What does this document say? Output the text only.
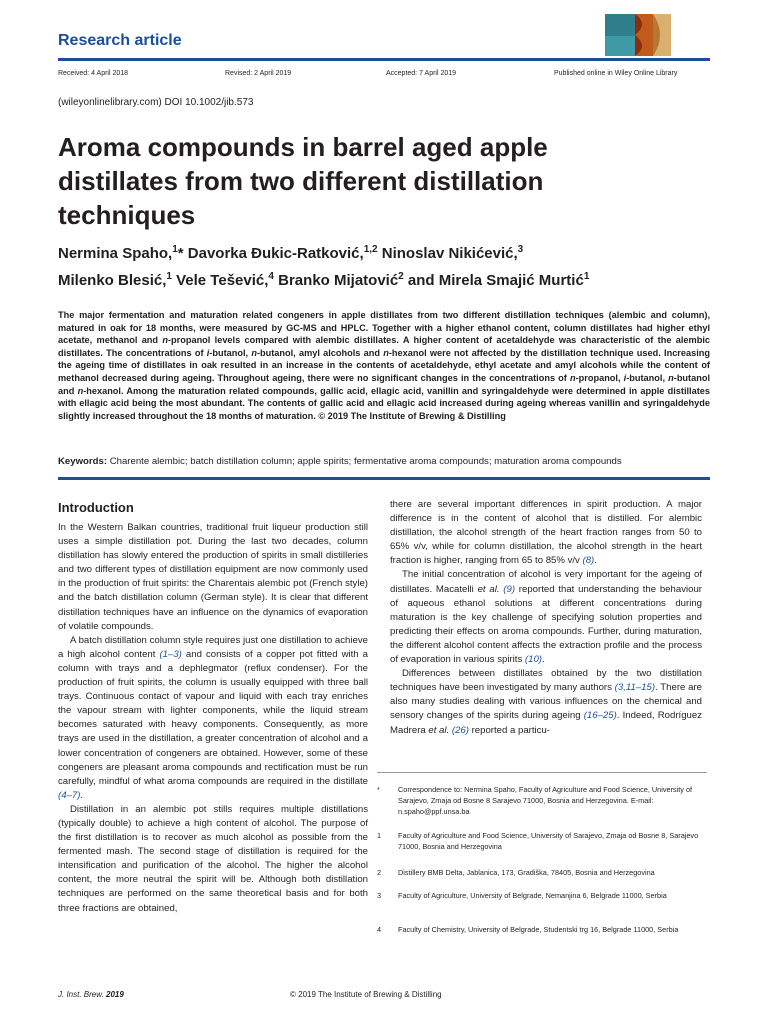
Research article
Received: 4 April 2018	Revised: 2 April 2019	Accepted: 7 April 2019	Published online in Wiley Online Library
(wileyonlinelibrary.com) DOI 10.1002/jib.573
Aroma compounds in barrel aged apple distillates from two different distillation techniques
Nermina Spaho,$^1$* Davorka Đukic-Ratković,$^{1,2}$ Ninoslav Nikićević,$^3$
Milenko Blesić,$^1$ Vele Tešević,$^4$ Branko Mijatović$^2$ and Mirela Smajić Murtić$^1$
The major fermentation and maturation related congeners in apple distillates from two different distillation techniques (alembic and column), matured in oak for 18 months, were measured by GC-MS and HPLC. Together with a higher ethanol content, column distillates had higher ethyl acetate, methanol and n-propanol levels compared with alembic distillates. A higher content of acetaldehyde was characteristic of the alembic distillates. The concentrations of i-butanol, n-butanol, amyl alcohols and n-hexanol were not affected by the distillation technique used. Increasing the ageing time of distillates in oak resulted in an increase in the contents of acetaldehyde, ethyl acetate and amyl alcohols while the content of methanol decreased during ageing. Throughout ageing, there were no significant changes in the concentrations of n-propanol, i-butanol, n-butanol and n-hexanol. Among the maturation related compounds, gallic acid, ellagic acid, vanillin and syringaldehyde were determined in apple distillates with ellagic acid being the most abundant. The contents of gallic acid and ellagic acid increased during ageing whereas vanillin and syringaldehyde slightly increased throughout the 18 months of maturation. © 2019 The Institute of Brewing & Distilling
Keywords: Charente alembic; batch distillation column; apple spirits; fermentative aroma compounds; maturation aroma compounds
Introduction

In the Western Balkan countries, traditional fruit liqueur production still uses a simple distillation pot. During the last two decades, column distillation has slowly entered the production of spirits in small distilleries and two different types of distillation equipment are now commonly used in the production of fruit spirits: the Charentais alembic pot (French style) and the batch distillation column (German style). It is clear that different distillation techniques have an influence on the dynamics of evaporation of volatile compounds.

A batch distillation column style requires just one distillation to achieve a high alcohol content (1–3) and consists of a copper pot fitted with a column with trays and a dephlegmator (reflux condenser). For the production of fruit spirits, the column is usually equipped with three ball trays. Continuous contact of vapour and liquid with each tray enriches the vapour stream with lighter components, while the liquid stream becomes saturated with heavy components. Consequently, as more trays are used in the distillation, a greater concentration of alcohol and a lower concentration of congeners are obtained. However, some of these congeners are pleasant aroma compounds and rectification must be run carefully, mindful of what aroma compounds are required in the distillate (4–7).

Distillation in an alembic pot stills requires multiple distillations (typically double) to achieve a high content of alcohol. The purpose of the first distillation is to recover as much alcohol as possible from the fermented mash. The second stage of distillation is required for the intensification and purification of the alcohol. The higher the alcohol content, the more neutral the spirit will be. Although both distillation techniques are performed on the same theoretical basis and for both three fractions are obtained,

there are several important differences in spirit production. A major difference is in the content of alcohol that is distilled. For alembic distillation, the alcohol strength of the heart fraction ranges from 50 to 65% v/v, while for column distillation, the alcohol strength in the heart fraction is higher, ranging from 65 to 85% v/v (8).

The initial concentration of alcohol is very important for the ageing of distillates. Macatelli et al. (9) reported that understanding the behaviour of aqueous ethanol solutions at different concentrations during maturation is the key challenge of specifying solution properties and predicting their effects on aroma compounds. Further, during maturation, the different alcohol content affects the extraction profile and the process of evaporation in various spirits (10).

Differences between distillates obtained by the two distillation techniques have been investigated by many authors (3,11–15). There are also many studies dealing with various influences on the chemical and sensory changes of the spirits during ageing (16–25). Indeed, Rodríguez Madrera et al. (26) reported a particu-

* Correspondence to: Nermina Spaho, Faculty of Agriculture and Food Science, University of Sarajevo, Zmaja od Bosne 8 Sarajevo 71000, Bosnia and Herzegovina. E-mail: n.spaho@ppf.unsa.ba
1 Faculty of Agriculture and Food Science, University of Sarajevo, Zmaja od Bosne 8, Sarajevo 71000, Bosnia and Herzegovina
2 Distillery BMB Delta, Jablanica, 173, Gradiška, 78405, Bosnia and Herzegovina
3 Faculty of Agriculture, University of Belgrade, Nemanjina 6, Belgrade 11000, Serbia
4 Faculty of Chemistry, University of Belgrade, Studentski trg 16, Belgrade 11000, Serbia
J. Inst. Brew. 2019	© 2019 The Institute of Brewing & Distilling
